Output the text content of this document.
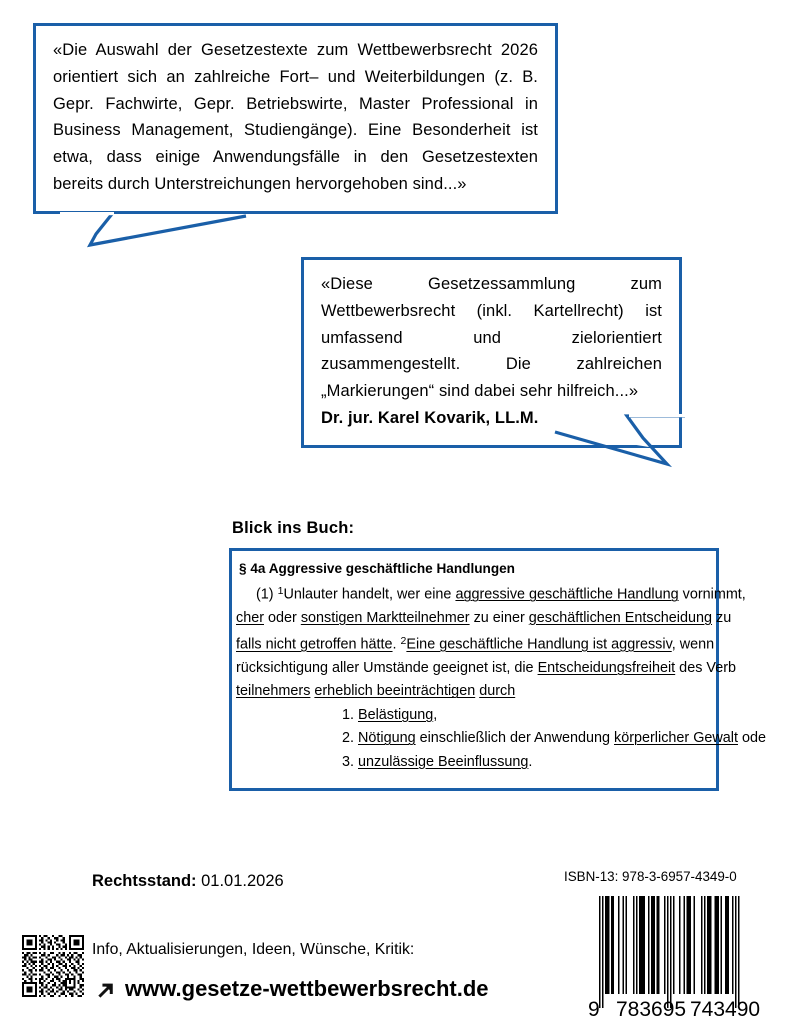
«Die Auswahl der Gesetzestexte zum Wettbewerbsrecht 2026 orientiert sich an zahlreiche Fort– und Weiterbildungen (z. B. Gepr. Fachwirte, Gepr. Betriebswirte, Master Professional in Business Management, Studiengänge). Eine Besonderheit ist etwa, dass einige Anwendungsfälle in den Gesetzestexten bereits durch Unterstreichungen hervorgehoben sind...»

«Diese Gesetzessammlung zum Wettbewerbsrecht (inkl. Kartellrecht) ist umfassend und zielorientiert zusammengestellt. Die zahlreichen „Markierungen“ sind dabei sehr hilfreich...»

Dr. jur. Karel Kovarik, LL.M.

Blick ins Buch:
§ 4a Aggressive geschäftliche Handlungen
(1) $^1$Unlauter handelt, wer eine aggressive geschäftliche Handlung vornimmt,
cher oder sonstigen Marktteilnehmer zu einer geschäftlichen Entscheidung zu
falls nicht getroffen hätte. $^2$Eine geschäftliche Handlung ist aggressiv, wenn
rücksichtigung aller Umstände geeignet ist, die Entscheidungsfreiheit des Verb
teilnehmers erheblich beeinträchtigen durch
1. Belästigung,
2. Nötigung einschließlich der Anwendung körperlicher Gewalt ode
3. unzulässige Beeinflussung.
Rechtsstand: 01.01.2026	ISBN-13: 978-3-6957-4349-0
Info, Aktualisierungen, Ideen, Wünsche, Kritik:
www.gesetze-wettbewerbsrecht.de
9 783695 743490
